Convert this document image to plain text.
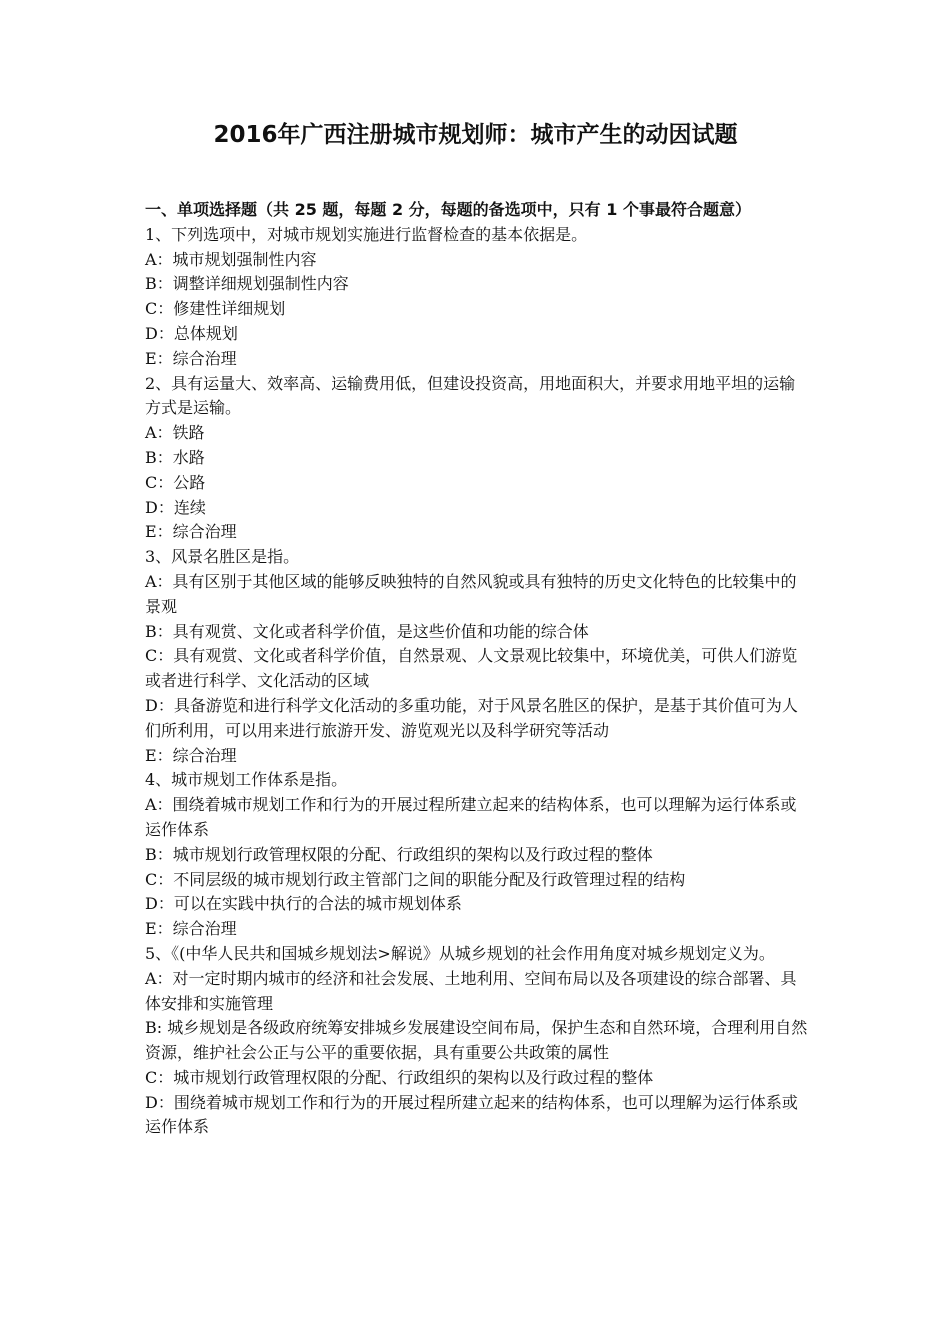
2016年广西注册城市规划师：城市产生的动因试题

一、单项选择题（共 25 题，每题 2 分，每题的备选项中，只有 1 个事最符合题意）

1、下列选项中，对城市规划实施进行监督检查的基本依据是。

A：城市规划强制性内容

B：调整详细规划强制性内容

C：修建性详细规划

D：总体规划

E：综合治理

2、具有运量大、效率高、运输费用低，但建设投资高，用地面积大，并要求用地平坦的运输方式是运输。

A：铁路

B：水路

C：公路

D：连续

E：综合治理

3、风景名胜区是指。

A：具有区别于其他区域的能够反映独特的自然风貌或具有独特的历史文化特色的比较集中的景观

B：具有观赏、文化或者科学价值，是这些价值和功能的综合体

C：具有观赏、文化或者科学价值，自然景观、人文景观比较集中，环境优美，可供人们游览或者进行科学、文化活动的区域

D：具备游览和进行科学文化活动的多重功能，对于风景名胜区的保护，是基于其价值可为人们所利用，可以用来进行旅游开发、游览观光以及科学研究等活动

E：综合治理

4、城市规划工作体系是指。

A：围绕着城市规划工作和行为的开展过程所建立起来的结构体系，也可以理解为运行体系或运作体系

B：城市规划行政管理权限的分配、行政组织的架构以及行政过程的整体

C：不同层级的城市规划行政主管部门之间的职能分配及行政管理过程的结构

D：可以在实践中执行的合法的城市规划体系

E：综合治理

5、《(中华人民共和国城乡规划法>解说》从城乡规划的社会作用角度对城乡规划定义为。

A：对一定时期内城市的经济和社会发展、土地利用、空间布局以及各项建设的综合部署、具体安排和实施管理

B: 城乡规划是各级政府统筹安排城乡发展建设空间布局，保护生态和自然环境，合理利用自然资源，维护社会公正与公平的重要依据，具有重要公共政策的属性

C：城市规划行政管理权限的分配、行政组织的架构以及行政过程的整体

D：围绕着城市规划工作和行为的开展过程所建立起来的结构体系，也可以理解为运行体系或运作体系
